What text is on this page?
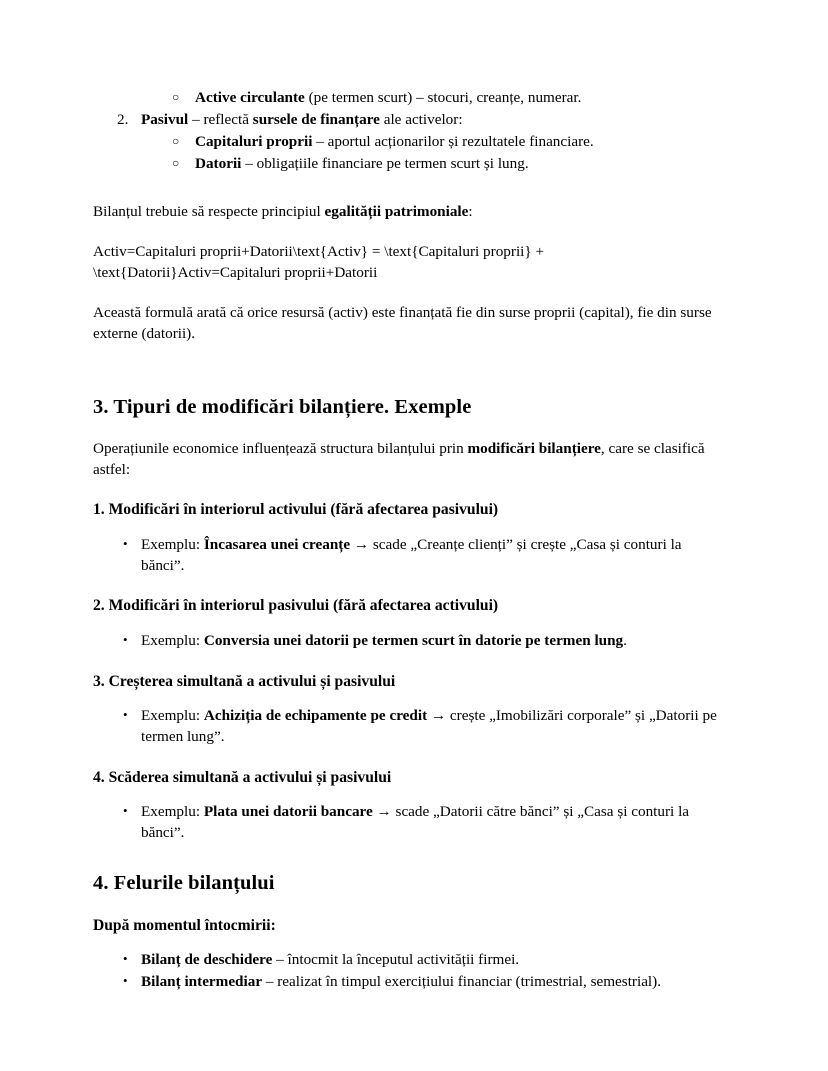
○ Active circulante (pe termen scurt) – stocuri, creanțe, numerar.
2. Pasivul – reflectă sursele de finanțare ale activelor:
○ Capitaluri proprii – aportul acționarilor și rezultatele financiare.
○ Datorii – obligațiile financiare pe termen scurt și lung.

Bilanțul trebuie să respecte principiul egalității patrimoniale:

Activ=Capitaluri proprii+Datorii\text{Activ} = \text{Capitaluri proprii} +

\text{Datorii}Activ=Capitaluri proprii+Datorii

Această formulă arată că orice resursă (activ) este finanțată fie din surse proprii (capital), fie din surse externe (datorii).

3. Tipuri de modificări bilanțiere. Exemple

Operațiunile economice influențează structura bilanțului prin modificări bilanțiere, care se clasifică astfel:

1. Modificări în interiorul activului (fără afectarea pasivului)
• Exemplu: Încasarea unei creanțe → scade „Creanțe clienți” și crește „Casa și conturi la bănci”.
2. Modificări în interiorul pasivului (fără afectarea activului)
• Exemplu: Conversia unei datorii pe termen scurt în datorie pe termen lung.
3. Creșterea simultană a activului și pasivului
• Exemplu: Achiziția de echipamente pe credit → crește „Imobilizări corporale” și „Datorii pe termen lung”.
4. Scăderea simultană a activului și pasivului
• Exemplu: Plata unei datorii bancare → scade „Datorii către bănci” și „Casa și conturi la bănci”.
4. Felurile bilanțului
După momentul întocmirii:
• Bilanț de deschidere – întocmit la începutul activității firmei.
• Bilanț intermediar – realizat în timpul exercițiului financiar (trimestrial, semestrial).
